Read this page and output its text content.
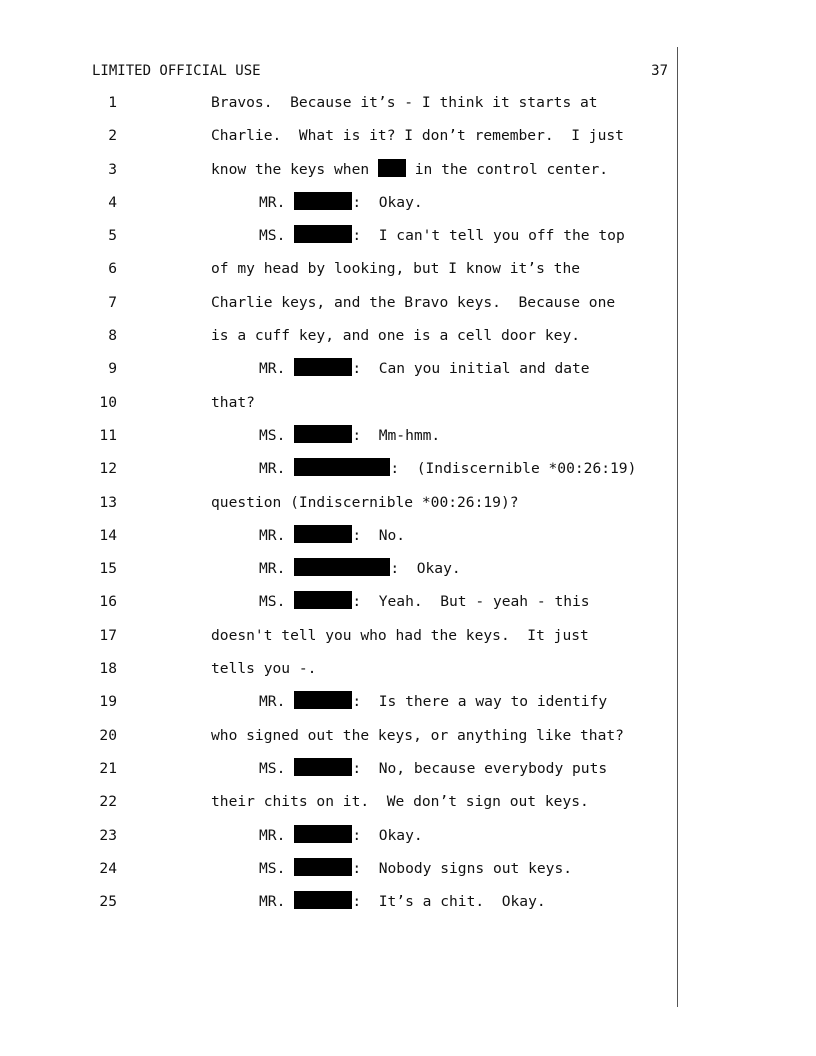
LIMITED OFFICIAL USE	37

1

	Bravos.  Because it’s - I think it starts at

2

	Charlie.  What is it? I don’t remember.  I just

3

	know the keys when  in the control center.

4

	MR.	:  Okay.

5

	MS.	:  I can't tell you off the top

6

	of my head by looking, but I know it’s the

7

	Charlie keys, and the Bravo keys.  Because one

8

	is a cuff key, and one is a cell door key.

9

	MR.	:  Can you initial and date

10

	that?

11

	MS.	:  Mm-hmm.

12

	MR.	:  (Indiscernible *00:26:19)

13

	question (Indiscernible *00:26:19)?

14

	MR.	:  No.

15

	MR.	:  Okay.

16

	MS.	:  Yeah.  But - yeah - this

17

	doesn't tell you who had the keys.  It just

18

	tells you -.

19

	MR.	:  Is there a way to identify

20

	who signed out the keys, or anything like that?

21

	MS.	:  No, because everybody puts

22

	their chits on it.  We don’t sign out keys.

23

	MR.	:  Okay.

24

	MS.	:  Nobody signs out keys.

25

	MR.	:  It’s a chit.  Okay.
